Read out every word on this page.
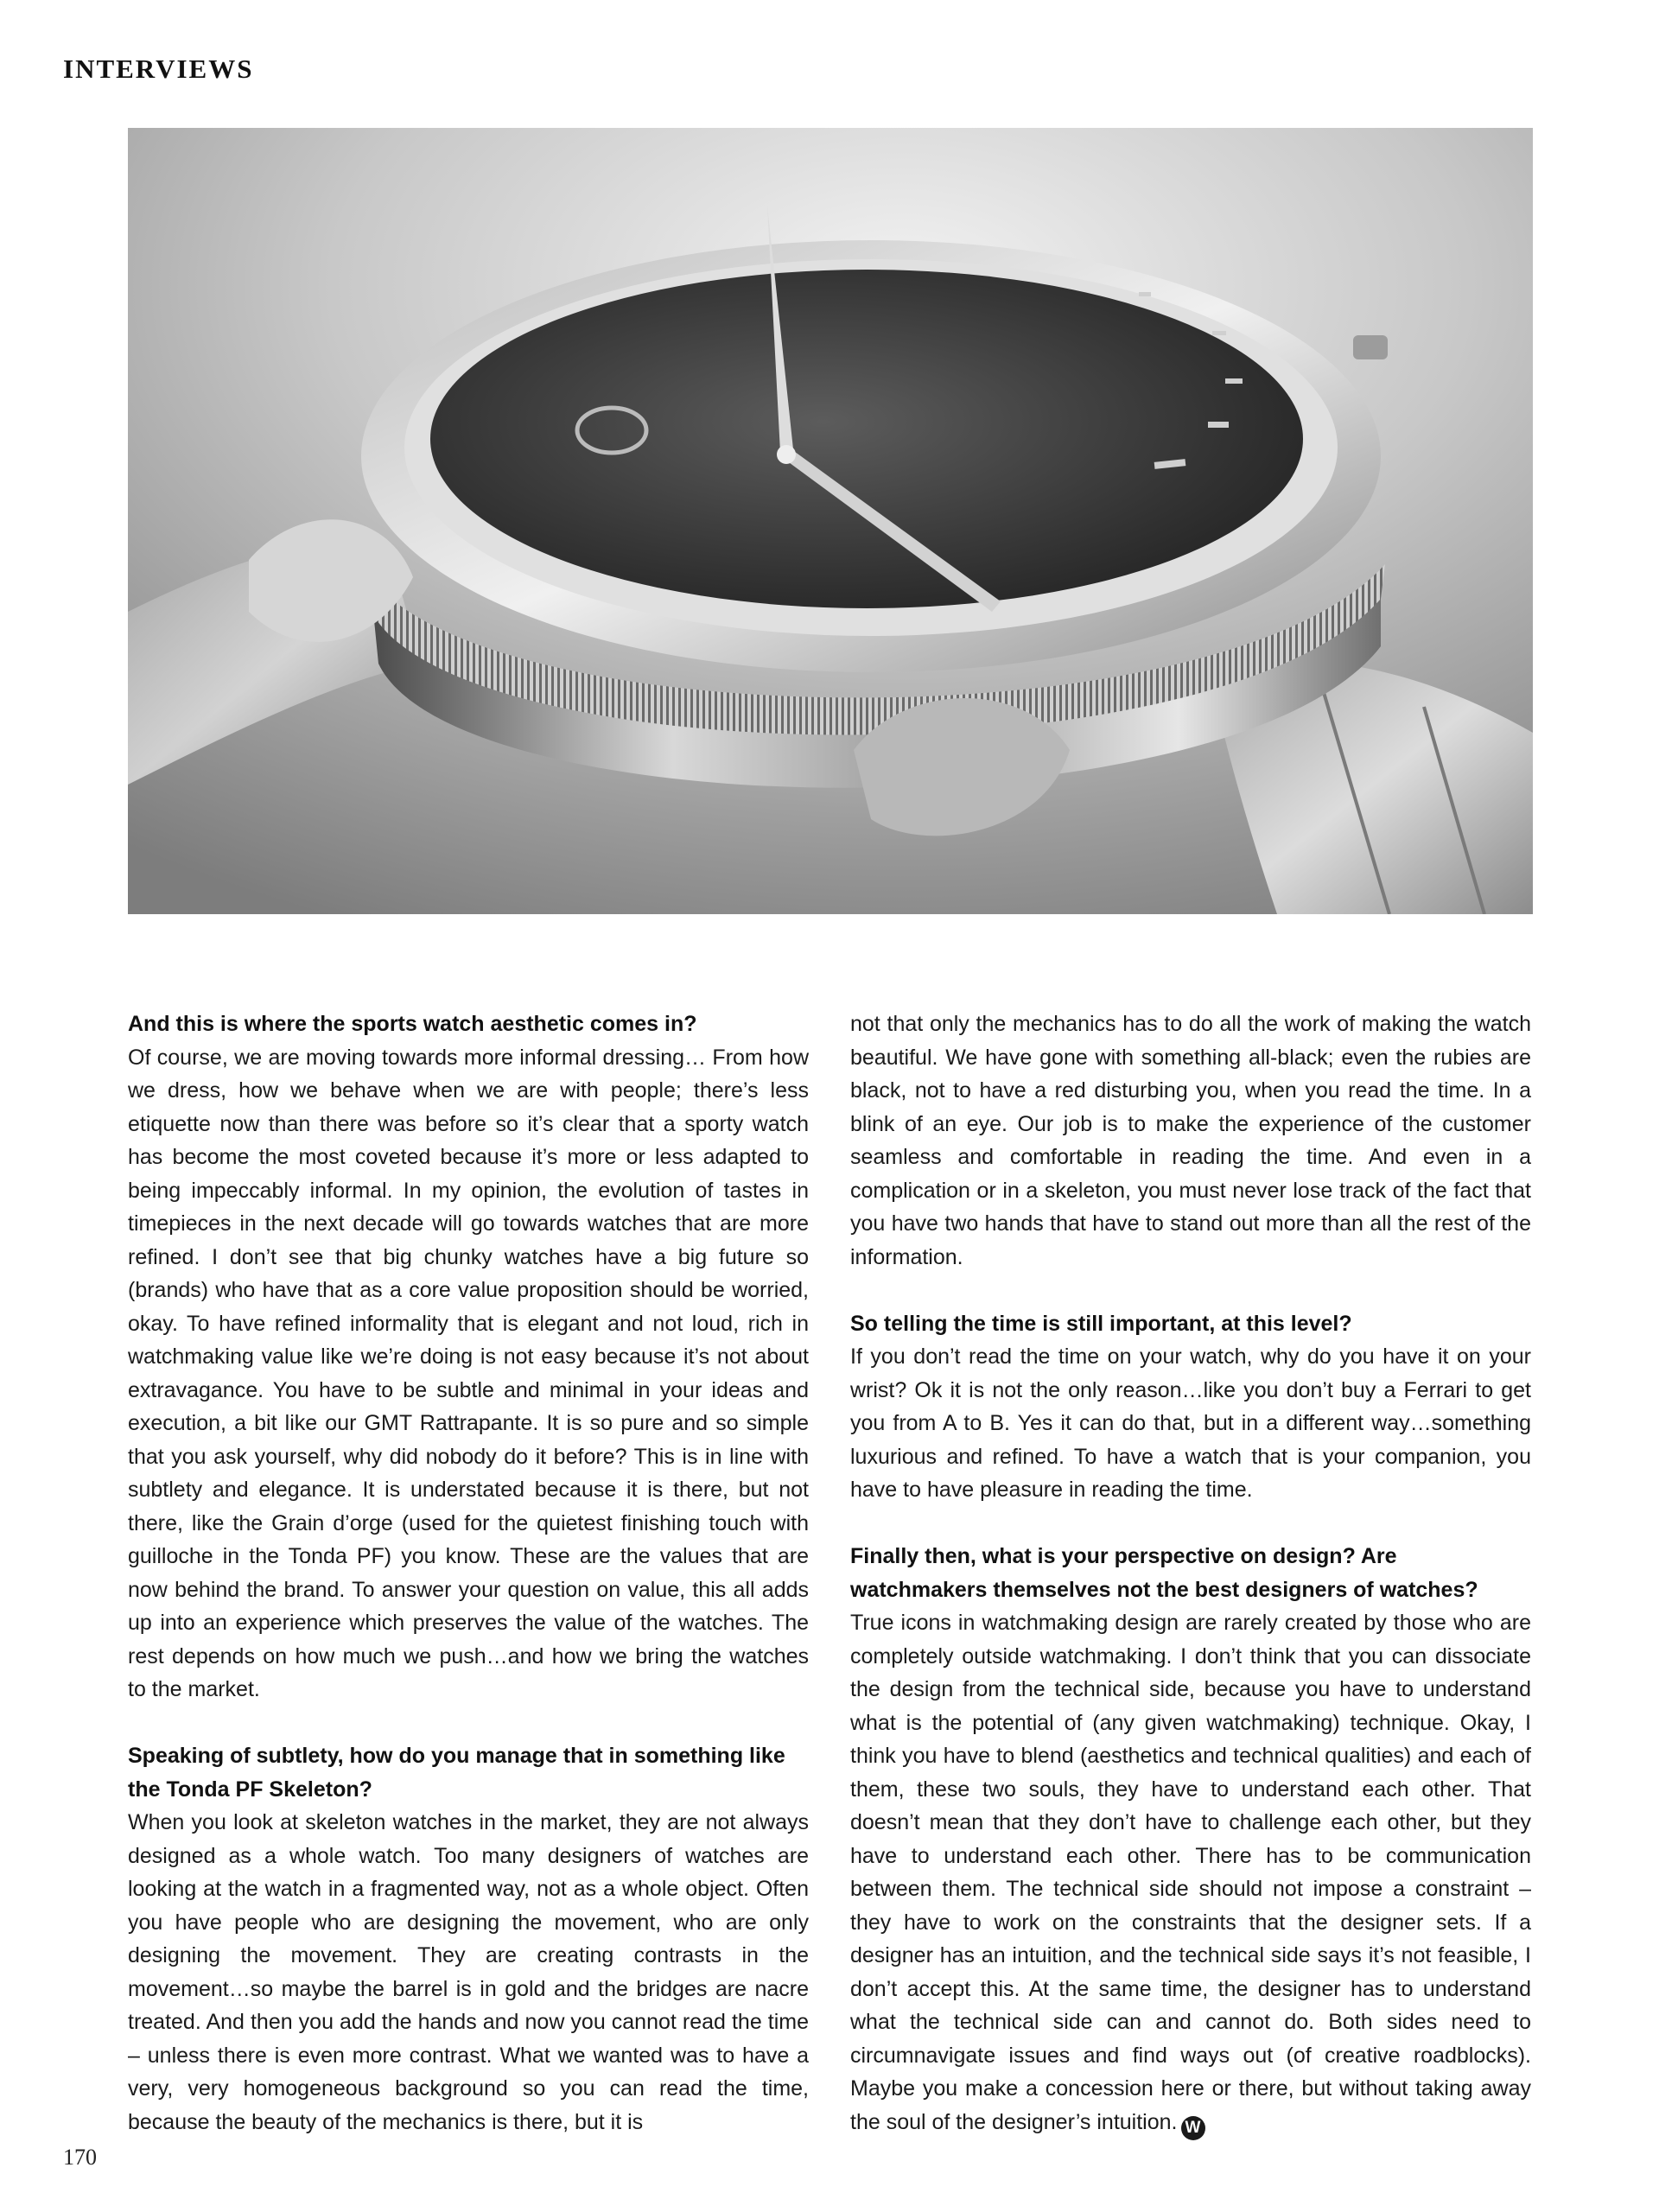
INTERVIEWS
And this is where the sports watch aesthetic comes in?

Of course, we are moving towards more informal dressing… From how we dress, how we behave when we are with people; there’s less etiquette now than there was before so it’s clear that a sporty watch has become the most coveted because it’s more or less adapted to being impeccably informal. In my opinion, the evolution of tastes in timepieces in the next decade will go towards watches that are more refined. I don’t see that big chunky watches have a big future so (brands) who have that as a core value proposition should be worried, okay. To have refined informality that is elegant and not loud, rich in watchmaking value like we’re doing is not easy because it’s not about extravagance. You have to be subtle and minimal in your ideas and execution, a bit like our GMT Rattrapante. It is so pure and so simple that you ask yourself, why did nobody do it before? This is in line with subtlety and elegance. It is understated because it is there, but not there, like the Grain d’orge (used for the quietest finishing touch with guilloche in the Tonda PF) you know. These are the values that are now behind the brand. To answer your question on value, this all adds up into an experience which preserves the value of the watches. The rest depends on how much we push…and how we bring the watches to the market.

Speaking of subtlety, how do you manage that in something like the Tonda PF Skeleton?

When you look at skeleton watches in the market, they are not always designed as a whole watch. Too many designers of watches are looking at the watch in a fragmented way, not as a whole object. Often you have people who are designing the movement, who are only designing the movement. They are creating contrasts in the movement…so maybe the barrel is in gold and the bridges are nacre treated. And then you add the hands and now you cannot read the time – unless there is even more contrast. What we wanted was to have a very, very homogeneous background so you can read the time, because the beauty of the mechanics is there, but it is

not that only the mechanics has to do all the work of making the watch beautiful. We have gone with something all-black; even the rubies are black, not to have a red disturbing you, when you read the time. In a blink of an eye. Our job is to make the experience of the customer seamless and comfortable in reading the time. And even in a complication or in a skeleton, you must never lose track of the fact that you have two hands that have to stand out more than all the rest of the information.

So telling the time is still important, at this level?

If you don’t read the time on your watch, why do you have it on your wrist? Ok it is not the only reason…like you don’t buy a Ferrari to get you from A to B. Yes it can do that, but in a different way…something luxurious and refined. To have a watch that is your companion, you have to have pleasure in reading the time.

Finally then, what is your perspective on design? Are watchmakers themselves not the best designers of watches?

True icons in watchmaking design are rarely created by those who are completely outside watchmaking. I don’t think that you can dissociate the design from the technical side, because you have to understand what is the potential of (any given watchmaking) technique. Okay, I think you have to blend (aesthetics and technical qualities) and each of them, these two souls, they have to understand each other. That doesn’t mean that they don’t have to challenge each other, but they have to understand each other. There has to be communication between them. The technical side should not impose a constraint – they have to work on the constraints that the designer sets. If a designer has an intuition, and the technical side says it’s not feasible, I don’t accept this. At the same time, the designer has to understand what the technical side can and cannot do. Both sides need to circumnavigate issues and find ways out (of creative roadblocks). Maybe you make a concession here or there, but without taking away the soul of the designer’s intuition. W

170
